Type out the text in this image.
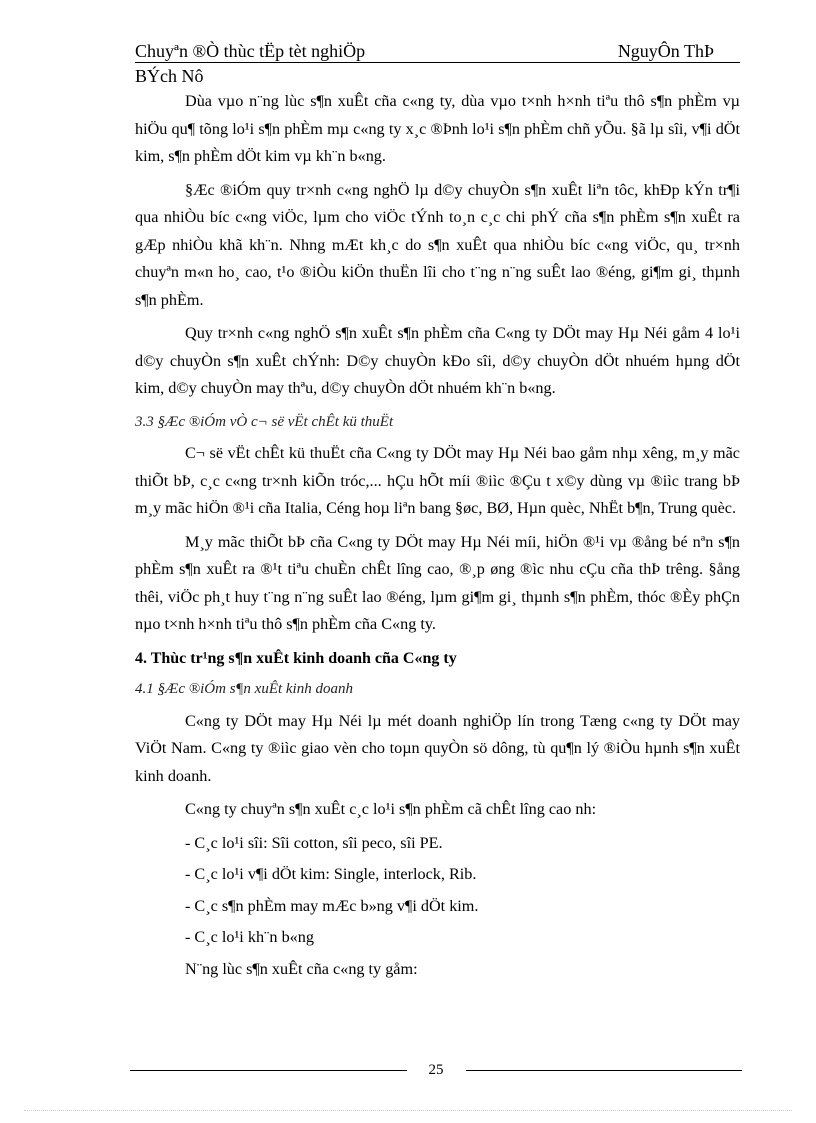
Chuyªn ®Ò thùc tËp tèt nghiÖp	NguyÔn ThÞ
BÝch Nô

Dùa vµo n¨ng lùc s¶n xuÊt cña c«ng ty, dùa vµo t×nh h×nh tiªu thô s¶n phÈm vµ hiÖu qu¶ tõng lo¹i s¶n phÈm mµ c«ng ty x¸c ®Þnh lo¹i s¶n phÈm chñ yÕu. §ã lµ sîi, v¶i dÖt kim, s¶n phÈm dÖt kim vµ kh¨n b«ng.

§Æc ®iÓm quy tr×nh c«ng nghÖ lµ d©y chuyÒn s¶n xuÊt liªn tôc, khÐp kÝn tr¶i qua nhiÒu bíc c«ng viÖc, lµm cho viÖc tÝnh to¸n c¸c chi phÝ cña s¶n phÈm s¶n xuÊt ra gÆp nhiÒu khã kh¨n. Nhng mÆt kh¸c do s¶n xuÊt qua nhiÒu bíc c«ng viÖc, qu¸ tr×nh chuyªn m«n ho¸ cao, t¹o ®iÒu kiÖn thuËn lîi cho t¨ng n¨ng suÊt lao ®éng, gi¶m gi¸ thµnh s¶n phÈm.

Quy tr×nh c«ng nghÖ s¶n xuÊt s¶n phÈm cña C«ng ty DÖt may Hµ Néi gåm 4 lo¹i d©y chuyÒn s¶n xuÊt chÝnh: D©y chuyÒn kÐo sîi, d©y chuyÒn dÖt nhuém hµng dÖt kim, d©y chuyÒn may thªu, d©y chuyÒn dÖt nhuém kh¨n b«ng.

3.3 §Æc ®iÓm vÒ c¬ së vËt chÊt kü thuËt

C¬ së vËt chÊt kü thuËt cña C«ng ty DÖt may Hµ Néi bao gåm nhµ xêng, m¸y mãc thiÕt bÞ, c¸c c«ng tr×nh kiÕn tróc,... hÇu hÕt míi ®iìc ®Çu t x©y dùng vµ ®iìc trang bÞ m¸y mãc hiÖn ®¹i cña Italia, Céng hoµ liªn bang §øc, BØ, Hµn quèc, NhËt b¶n, Trung quèc.

M¸y mãc thiÕt bÞ cña C«ng ty DÖt may Hµ Néi míi, hiÖn ®¹i vµ ®ång bé nªn s¶n phÈm s¶n xuÊt ra ®¹t tiªu chuÈn chÊt lîng cao, ®¸p øng ®ìc nhu cÇu cña thÞ trêng. §ång thêi, viÖc ph¸t huy t¨ng n¨ng suÊt lao ®éng, lµm gi¶m gi¸ thµnh s¶n phÈm, thóc ®Èy phÇn nµo t×nh h×nh tiªu thô s¶n phÈm cña C«ng ty.

4. Thùc tr¹ng s¶n xuÊt kinh doanh cña C«ng ty
4.1 §Æc ®iÓm s¶n xuÊt kinh doanh

C«ng ty DÖt may Hµ Néi lµ mét doanh nghiÖp lín trong Tæng c«ng ty DÖt may ViÖt Nam. C«ng ty ®iìc giao vèn cho toµn quyÒn sö dông, tù qu¶n lý ®iÒu hµnh s¶n xuÊt kinh doanh.

C«ng ty chuyªn s¶n xuÊt c¸c lo¹i s¶n phÈm cã chÊt lîng cao nh:

- C¸c lo¹i sîi: Sîi cotton, sîi peco, sîi PE.
- C¸c lo¹i v¶i dÖt kim: Single, interlock, Rib.
- C¸c s¶n phÈm may mÆc b»ng v¶i dÖt kim.
- C¸c lo¹i kh¨n b«ng

N¨ng lùc s¶n xuÊt cña c«ng ty gåm:

25
